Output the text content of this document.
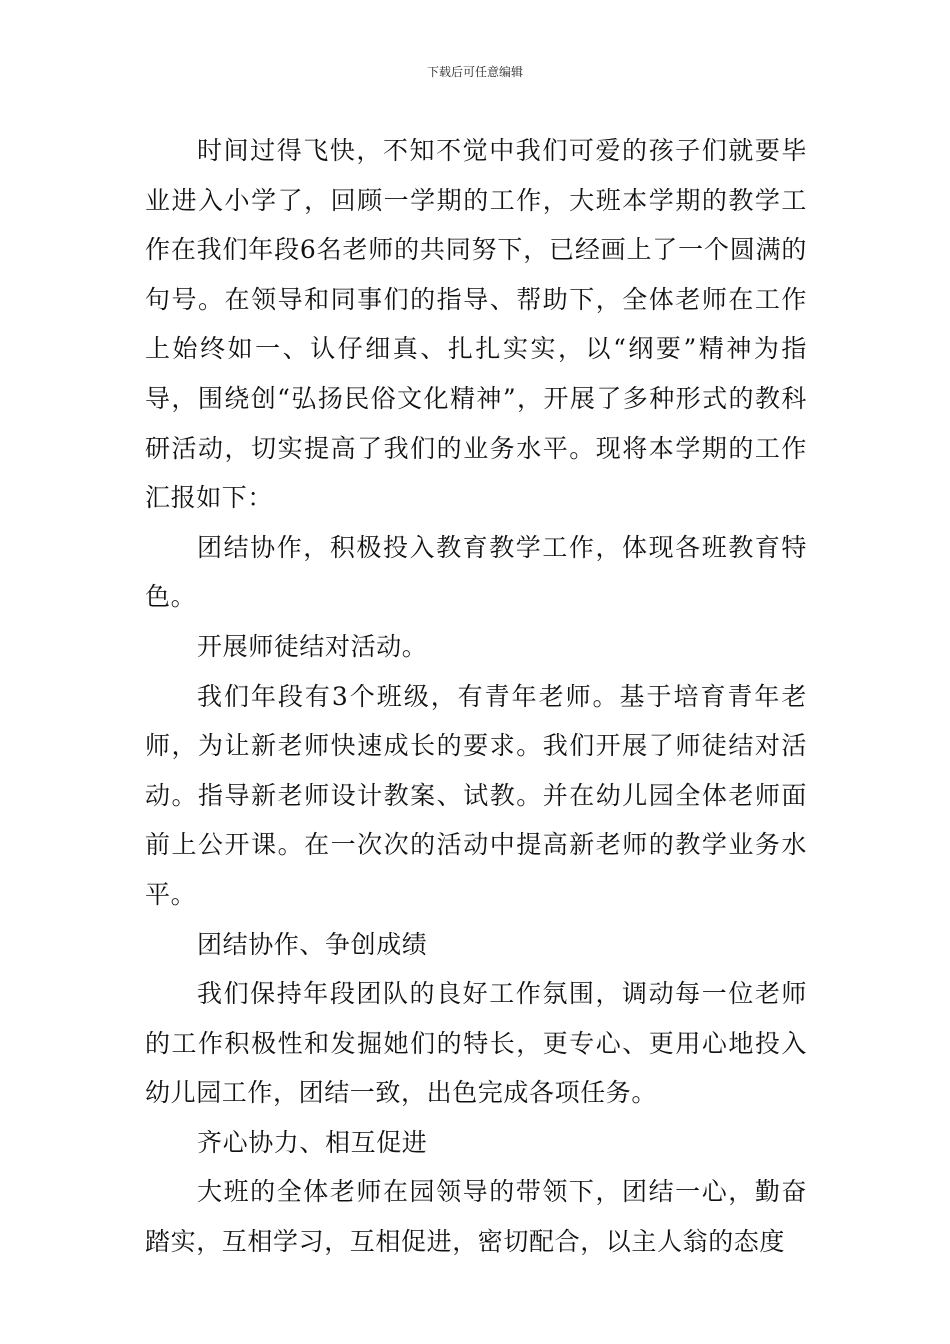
下载后可任意编辑

时间过得飞快，不知不觉中我们可爱的孩子们就要毕业进入小学了，回顾一学期的工作，大班本学期的教学工作在我们年段6名老师的共同努下，已经画上了一个圆满的句号。在领导和同事们的指导、帮助下，全体老师在工作上始终如一、认仔细真、扎扎实实，以“纲要”精神为指导，围绕创“弘扬民俗文化精神”，开展了多种形式的教科研活动，切实提高了我们的业务水平。现将本学期的工作汇报如下：

团结协作，积极投入教育教学工作，体现各班教育特色。

开展师徒结对活动。

我们年段有3个班级，有青年老师。基于培育青年老师，为让新老师快速成长的要求。我们开展了师徒结对活动。指导新老师设计教案、试教。并在幼儿园全体老师面前上公开课。在一次次的活动中提高新老师的教学业务水平。

团结协作、争创成绩

我们保持年段团队的良好工作氛围，调动每一位老师的工作积极性和发掘她们的特长，更专心、更用心地投入幼儿园工作，团结一致，出色完成各项任务。

齐心协力、相互促进

大班的全体老师在园领导的带领下，团结一心，勤奋踏实，互相学习，互相促进，密切配合，以主人翁的态度
